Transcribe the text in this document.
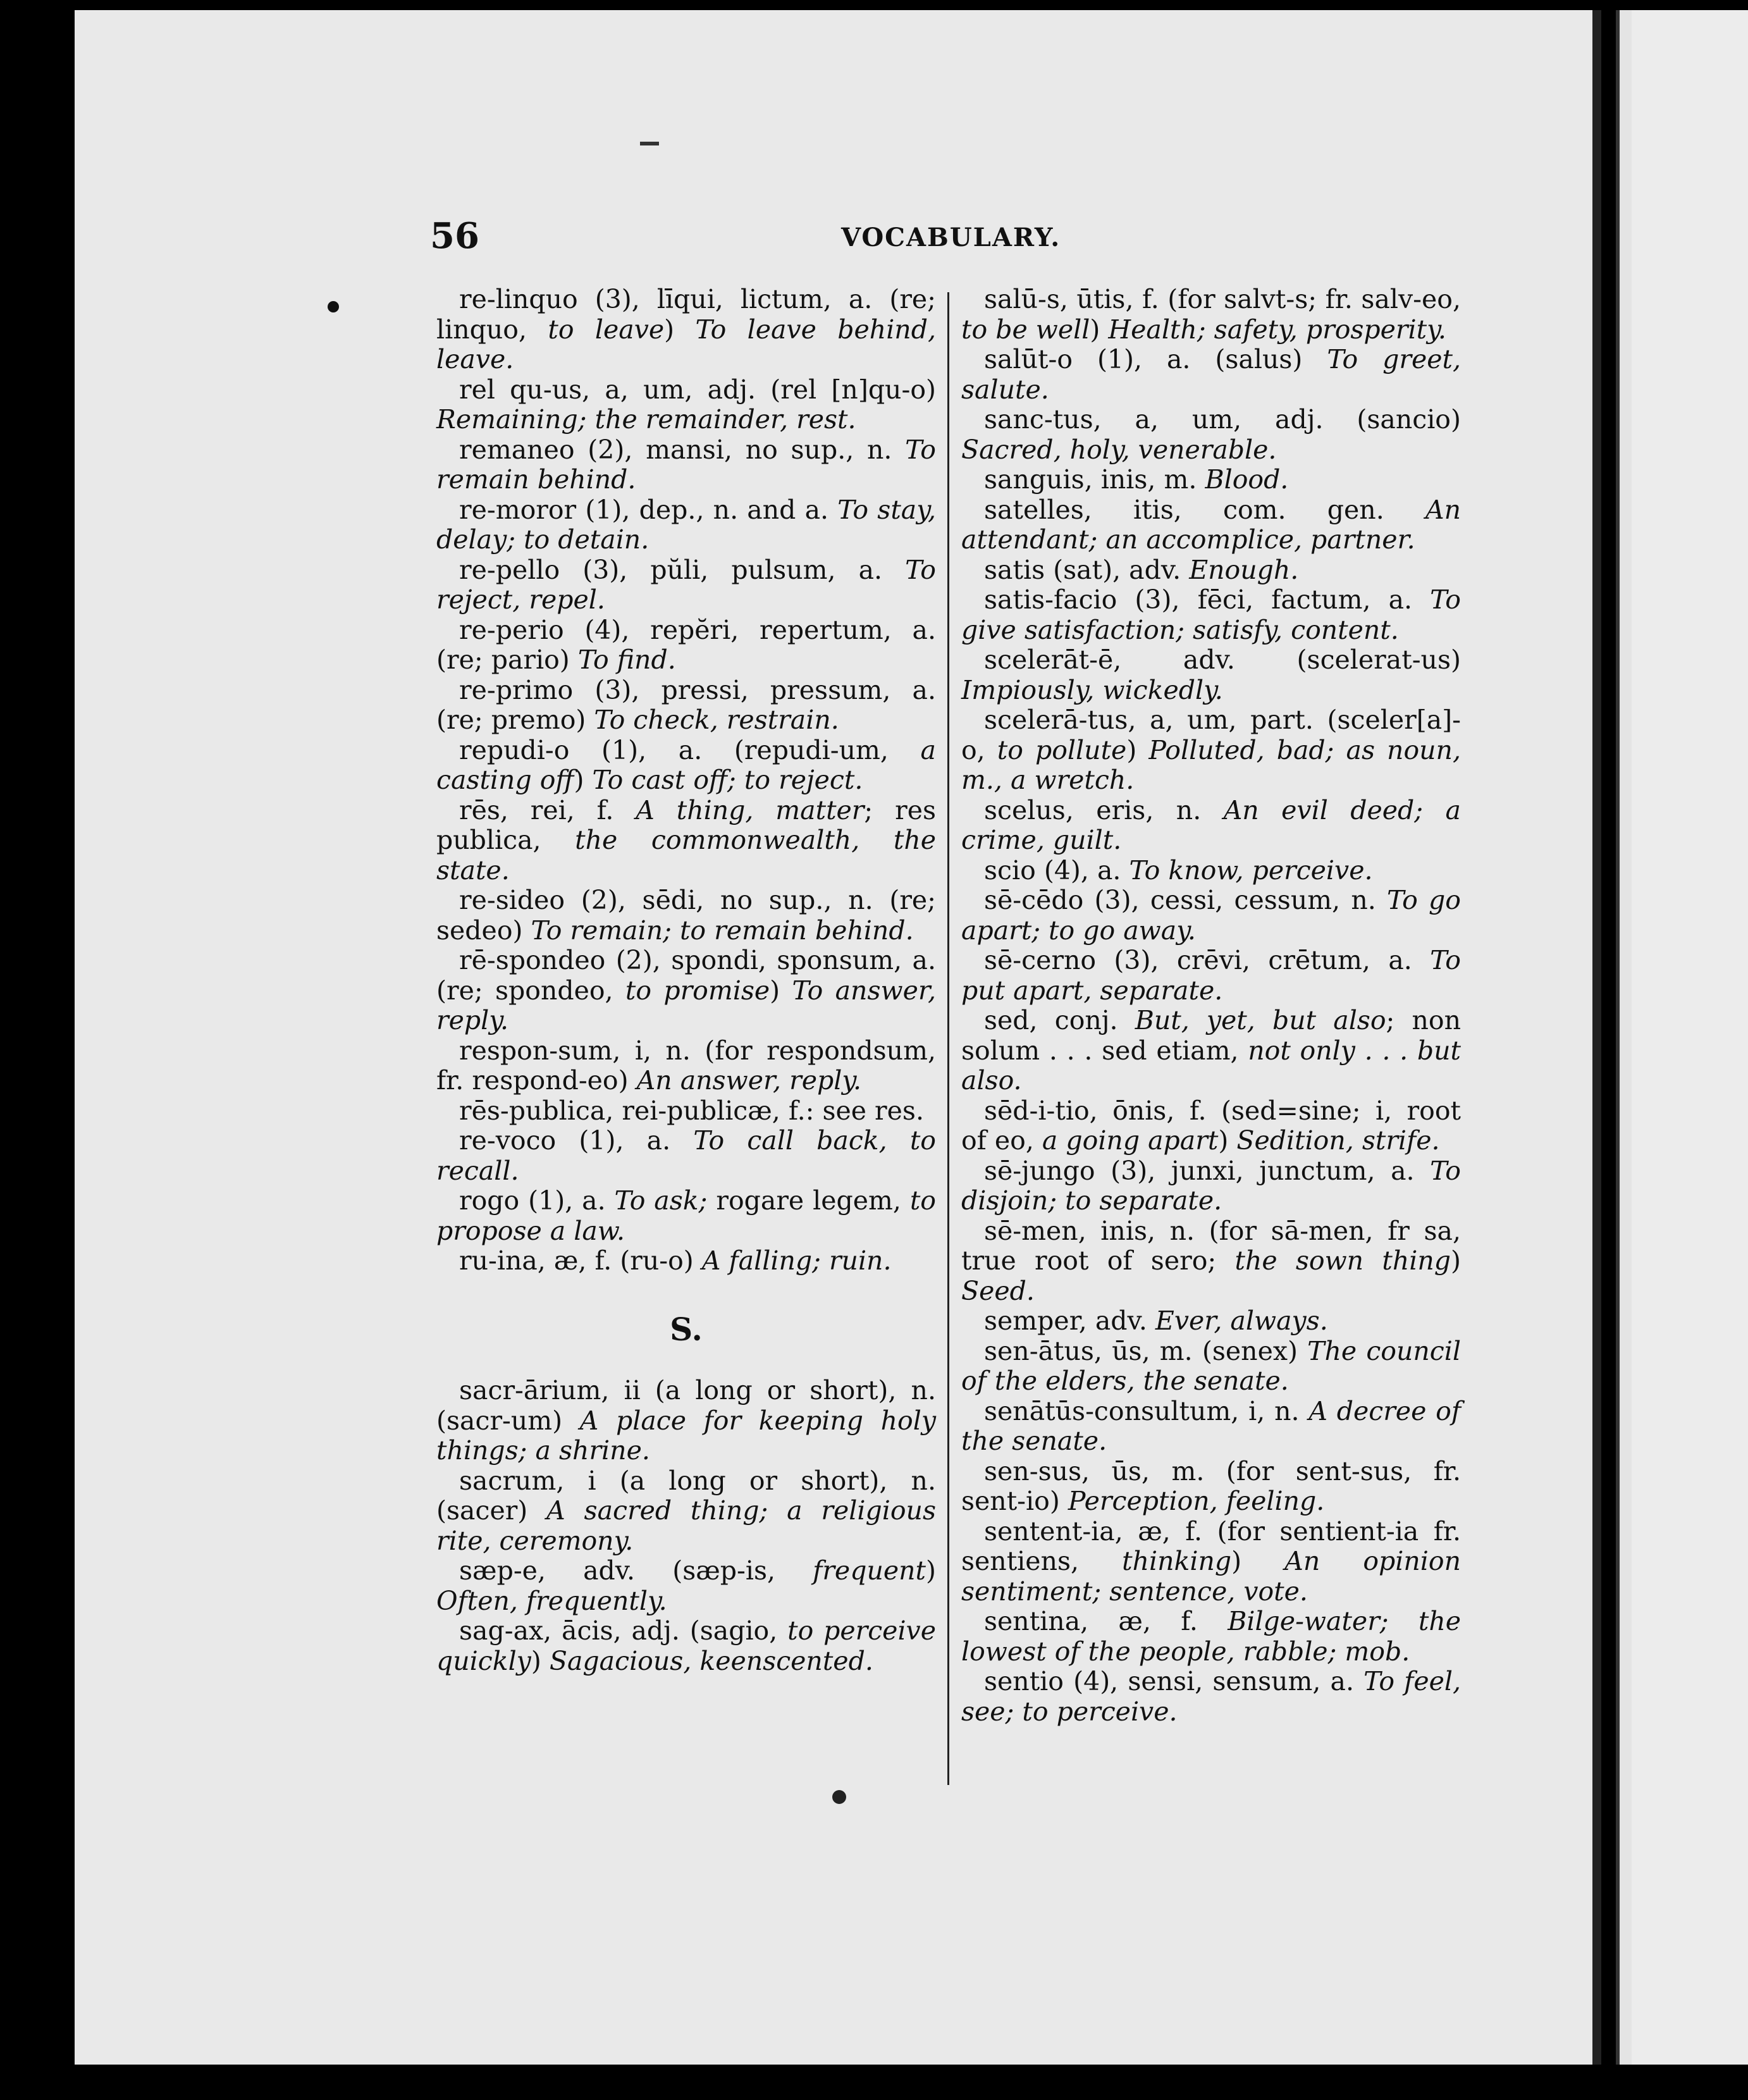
56	VOCABULARY.

re-linquo (3), līqui, lictum, a. (re; linquo, to leave) To leave behind, leave.

rel qu-us, a, um, adj. (rel [n]qu-o) Remaining; the remainder, rest.

remaneo (2), mansi, no sup., n. To remain behind.

re-moror (1), dep., n. and a. To stay, delay; to detain.

re-pello (3), pŭli, pulsum, a. To reject, repel.

re-perio (4), repĕri, repertum, a. (re; pario) To find.

re-primo (3), pressi, pressum, a. (re; premo) To check, restrain.

repudi-o (1), a. (repudi-um, a casting off) To cast off; to reject.

rēs, rei, f. A thing, matter; res publica, the commonwealth, the state.

re-sideo (2), sēdi, no sup., n. (re; sedeo) To remain; to remain behind.

rē-spondeo (2), spondi, sponsum, a. (re; spondeo, to promise) To answer, reply.

respon-sum, i, n. (for respondsum, fr. respond-eo) An answer, reply.

rēs-publica, rei-publicæ, f.: see res.

re-voco (1), a. To call back, to recall.

rogo (1), a. To ask; rogare legem, to propose a law.

ru-ina, æ, f. (ru-o) A falling; ruin.

S.

sacr-ārium, ii (a long or short), n. (sacr-um) A place for keeping holy things; a shrine.

sacrum, i (a long or short), n. (sacer) A sacred thing; a religious rite, ceremony.

sæp-e, adv. (sæp-is, frequent) Often, frequently.

sag-ax, ācis, adj. (sagio, to perceive quickly) Sagacious, keenscented.

salū-s, ūtis, f. (for salvt-s; fr. salv-eo, to be well) Health; safety, prosperity.

salūt-o (1), a. (salus) To greet, salute.

sanc-tus, a, um, adj. (sancio) Sacred, holy, venerable.

sanguis, inis, m. Blood.

satelles, itis, com. gen. An attendant; an accomplice, partner.

satis (sat), adv. Enough.

satis-facio (3), fēci, factum, a. To give satisfaction; satisfy, content.

scelerāt-ē, adv. (scelerat-us) Impiously, wickedly.

scelerā-tus, a, um, part. (sceler[a]-o, to pollute) Polluted, bad; as noun, m., a wretch.

scelus, eris, n. An evil deed; a crime, guilt.

scio (4), a. To know, perceive.

sē-cēdo (3), cessi, cessum, n. To go apart; to go away.

sē-cerno (3), crēvi, crētum, a. To put apart, separate.

sed, conj. But, yet, but also; non solum . . . sed etiam, not only . . . but also.

sēd-i-tio, ōnis, f. (sed=sine; i, root of eo, a going apart) Sedition, strife.

sē-jungo (3), junxi, junctum, a. To disjoin; to separate.

sē-men, inis, n. (for sā-men, fr sa, true root of sero; the sown thing) Seed.

semper, adv. Ever, always.

sen-ātus, ūs, m. (senex) The council of the elders, the senate.

senātūs-consultum, i, n. A decree of the senate.

sen-sus, ūs, m. (for sent-sus, fr. sent-io) Perception, feeling.

sentent-ia, æ, f. (for sentient-ia fr. sentiens, thinking) An opinion sentiment; sentence, vote.

sentina, æ, f. Bilge-water; the lowest of the people, rabble; mob.

sentio (4), sensi, sensum, a. To feel, see; to perceive.
